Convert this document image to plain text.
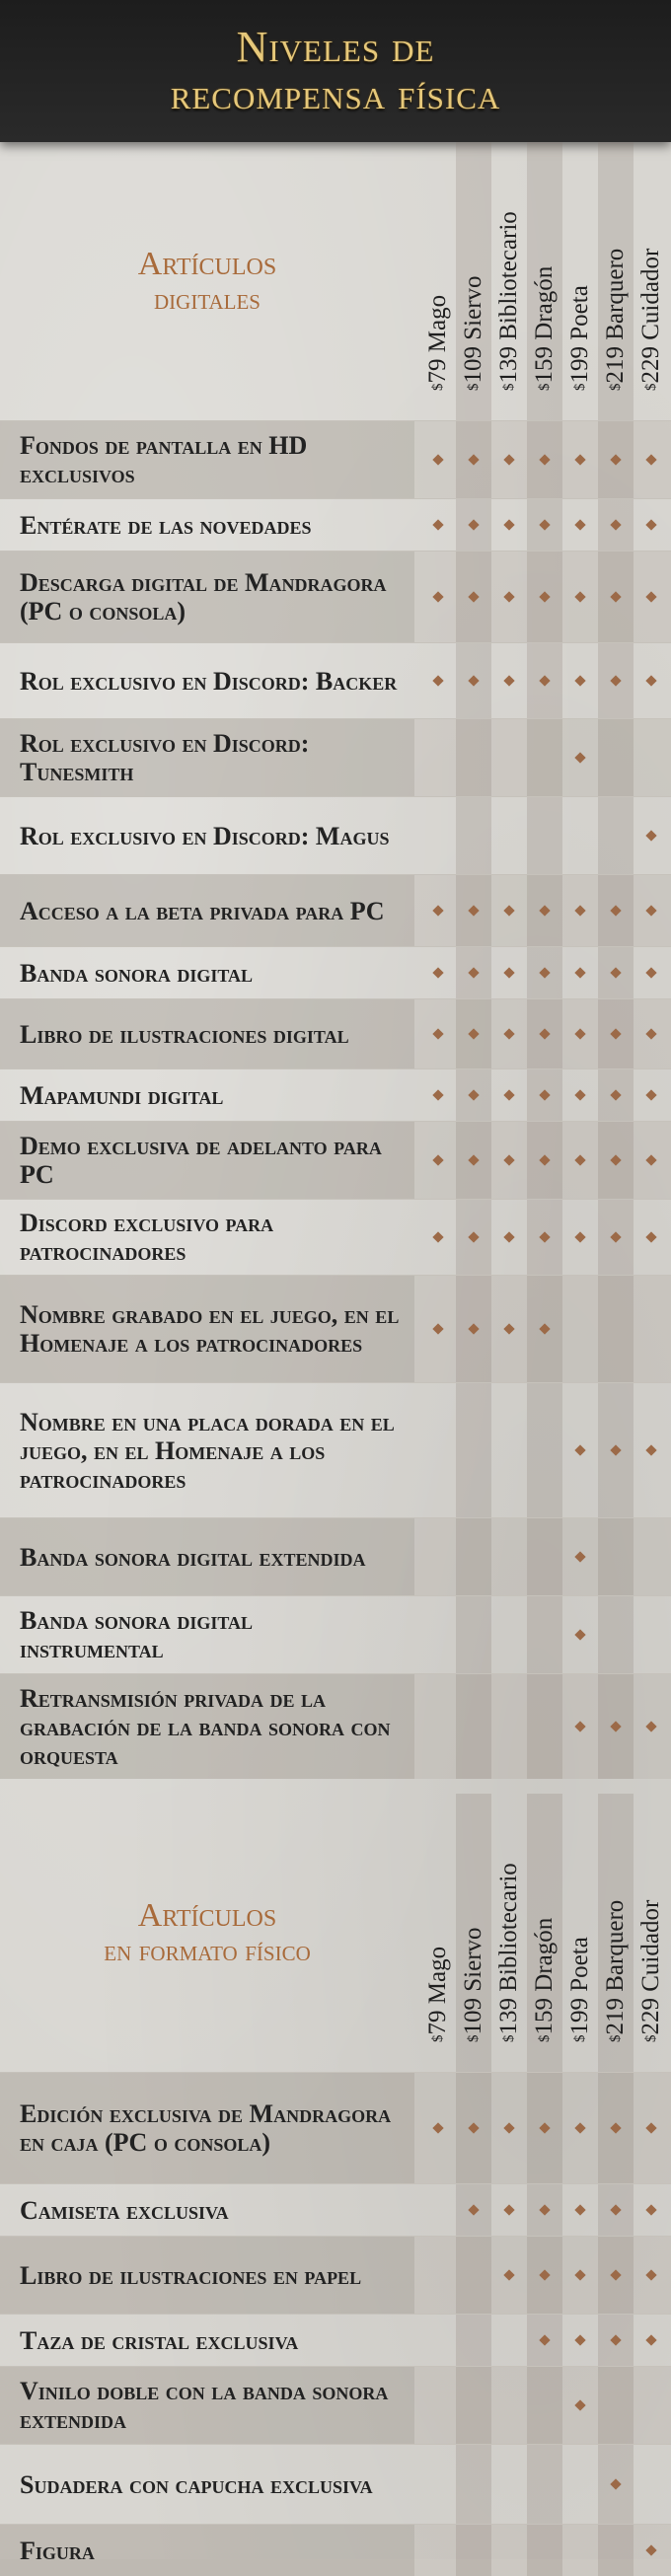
Niveles de
recompensa física
Artículos
digitales
$79 Mago
$109 Siervo
$139 Bibliotecario
$159 Dragón
$199 Poeta
$219 Barquero
$229 Cuidador
Fondos de pantalla en HD exclusivos
Entérate de las novedades
Descarga digital de Mandragora (PC o consola)
Rol exclusivo en Discord: Backer
Rol exclusivo en Discord: Tunesmith
Rol exclusivo en Discord: Magus
Acceso a la beta privada para PC
Banda sonora digital
Libro de ilustraciones digital
Mapamundi digital
Demo exclusiva de adelanto para PC
Discord exclusivo para patrocinadores
Nombre grabado en el juego, en el Homenaje a los patrocinadores
Nombre en una placa dorada en el juego, en el Homenaje a los patrocinadores
Banda sonora digital extendida
Banda sonora digital instrumental
Retransmisión privada de la grabación de la banda sonora con orquesta
Artículos
en formato físico
$79 Mago
$109 Siervo
$139 Bibliotecario
$159 Dragón
$199 Poeta
$219 Barquero
$229 Cuidador
Edición exclusiva de Mandragora en caja (PC o consola)
Camiseta exclusiva
Libro de ilustraciones en papel
Taza de cristal exclusiva
Vinilo doble con la banda sonora extendida
Sudadera con capucha exclusiva
Figura
